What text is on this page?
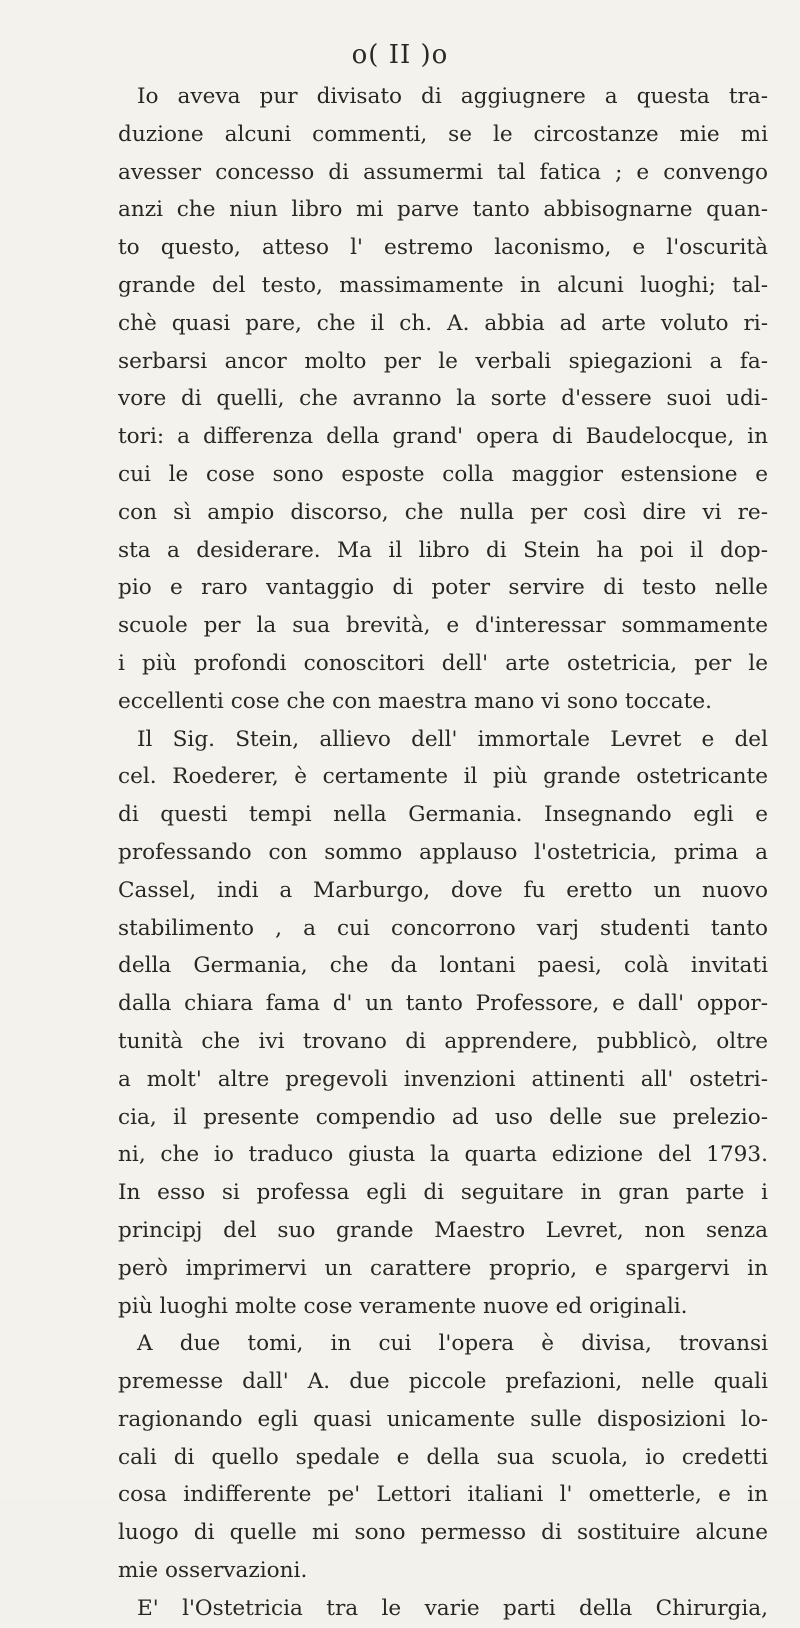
o( II )o
Io aveva pur divisato di aggiugnere a questa tra-
duzione alcuni commenti, se le circostanze mie mi
avesser concesso di assumermi tal fatica ; e convengo
anzi che niun libro mi parve tanto abbisognarne quan-
to questo, atteso l' estremo laconismo, e l'oscurità
grande del testo, massimamente in alcuni luoghi; tal-
chè quasi pare, che il ch. A. abbia ad arte voluto ri-
serbarsi ancor molto per le verbali spiegazioni a fa-
vore di quelli, che avranno la sorte d'essere suoi udi-
tori: a differenza della grand' opera di Baudelocque, in
cui le cose sono esposte colla maggior estensione e
con sì ampio discorso, che nulla per così dire vi re-
sta a desiderare. Ma il libro di Stein ha poi il dop-
pio e raro vantaggio di poter servire di testo nelle
scuole per la sua brevità, e d'interessar sommamente
i più profondi conoscitori dell' arte ostetricia, per le
eccellenti cose che con maestra mano vi sono toccate.
Il Sig. Stein, allievo dell' immortale Levret e del
cel. Roederer, è certamente il più grande ostetricante
di questi tempi nella Germania. Insegnando egli e
professando con sommo applauso l'ostetricia, prima a
Cassel, indi a Marburgo, dove fu eretto un nuovo
stabilimento , a cui concorrono varj studenti tanto
della Germania, che da lontani paesi, colà invitati
dalla chiara fama d' un tanto Professore, e dall' oppor-
tunità che ivi trovano di apprendere, pubblicò, oltre
a molt' altre pregevoli invenzioni attinenti all' ostetri-
cia, il presente compendio ad uso delle sue prelezio-
ni, che io traduco giusta la quarta edizione del 1793.
In esso si professa egli di seguitare in gran parte i
principj del suo grande Maestro Levret, non senza
però imprimervi un carattere proprio, e spargervi in
più luoghi molte cose veramente nuove ed originali.
A due tomi, in cui l'opera è divisa, trovansi
premesse dall' A. due piccole prefazioni, nelle quali
ragionando egli quasi unicamente sulle disposizioni lo-
cali di quello spedale e della sua scuola, io credetti
cosa indifferente pe' Lettori italiani l' ometterle, e in
luogo di quelle mi sono permesso di sostituire alcune
mie osservazioni.
E' l'Ostetricia tra le varie parti della Chirurgia,
